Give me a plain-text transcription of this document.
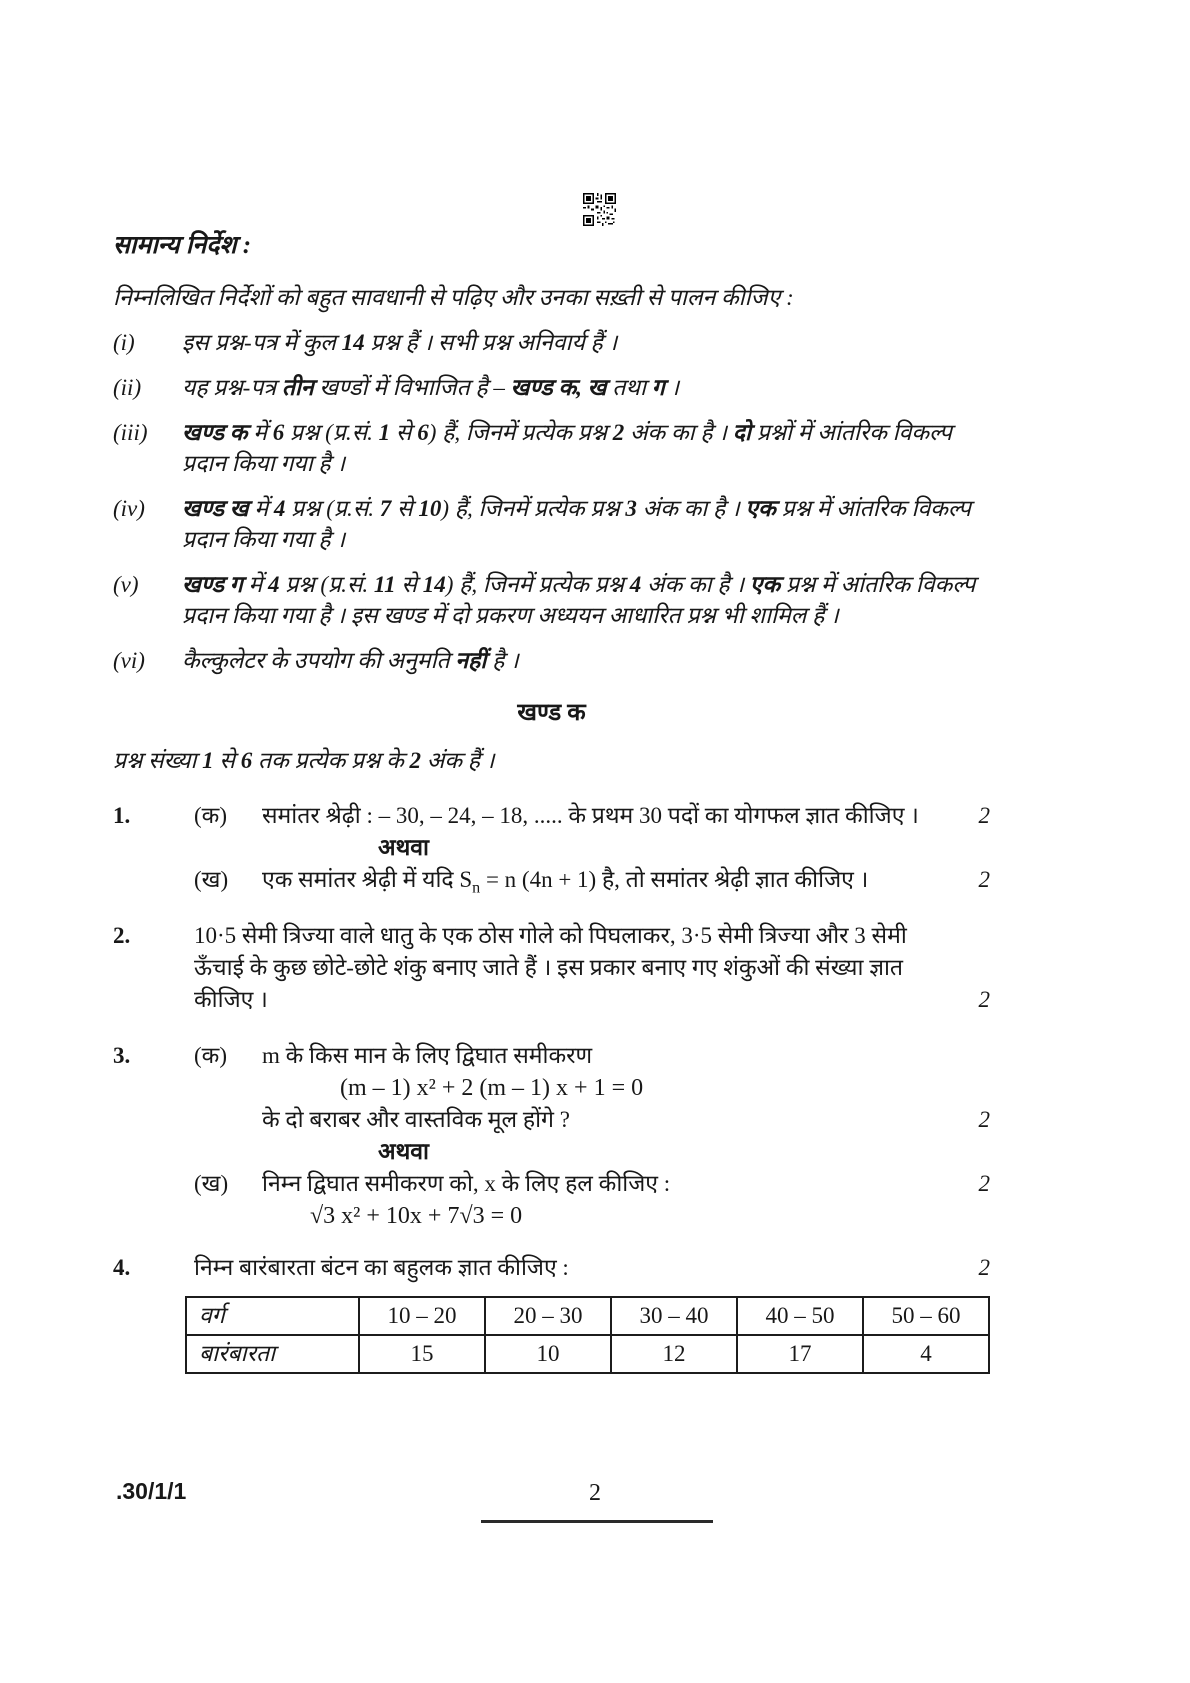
सामान्य निर्देश :
निम्नलिखित निर्देशों को बहुत सावधानी से पढ़िए और उनका सख़्ती से पालन कीजिए :
(i)	इस प्रश्न-पत्र में कुल 14 प्रश्न हैं । सभी प्रश्न अनिवार्य हैं ।
(ii)	यह प्रश्न-पत्र तीन खण्डों में विभाजित है – खण्ड क, ख तथा ग ।
(iii)	खण्ड क में 6 प्रश्न (प्र.सं. 1 से 6) हैं, जिनमें प्रत्येक प्रश्न 2 अंक का है । दो प्रश्नों में आंतरिक विकल्प प्रदान किया गया है ।
(iv)	खण्ड ख में 4 प्रश्न (प्र.सं. 7 से 10) हैं, जिनमें प्रत्येक प्रश्न 3 अंक का है । एक प्रश्न में आंतरिक विकल्प प्रदान किया गया है ।
(v)	खण्ड ग में 4 प्रश्न (प्र.सं. 11 से 14) हैं, जिनमें प्रत्येक प्रश्न 4 अंक का है । एक प्रश्न में आंतरिक विकल्प प्रदान किया गया है । इस खण्ड में दो प्रकरण अध्ययन आधारित प्रश्न भी शामिल हैं ।
(vi)	कैल्कुलेटर के उपयोग की अनुमति नहीं है ।
खण्ड क
प्रश्न संख्या 1 से 6 तक प्रत्येक प्रश्न के 2 अंक हैं ।
1.	(क)	समांतर श्रेढ़ी : – 30, – 24, – 18, ..... के प्रथम 30 पदों का योगफल ज्ञात कीजिए ।	2
अथवा
(ख)	एक समांतर श्रेढ़ी में यदि $S_n = n$ (4n + 1) है, तो समांतर श्रेढ़ी ज्ञात कीजिए ।	2
2.	10·5 सेमी त्रिज्या वाले धातु के एक ठोस गोले को पिघलाकर, 3·5 सेमी त्रिज्या और 3 सेमी ऊँचाई के कुछ छोटे-छोटे शंकु बनाए जाते हैं । इस प्रकार बनाए गए शंकुओं की संख्या ज्ञात कीजिए ।	2
3.	(क)	m के किस मान के लिए द्विघात समीकरण
(m – 1) x² + 2 (m – 1) x + 1 = 0
के दो बराबर और वास्तविक मूल होंगे ?	2
अथवा
(ख)	निम्न द्विघात समीकरण को, x के लिए हल कीजिए :	2
√3 x² + 10x + 7√3 = 0
4.	निम्न बारंबारता बंटन का बहुलक ज्ञात कीजिए :	2
वर्ग	10 – 20	20 – 30	30 – 40	40 – 50	50 – 60
बारंबारता	15	10	12	17	4
.30/1/1	2
